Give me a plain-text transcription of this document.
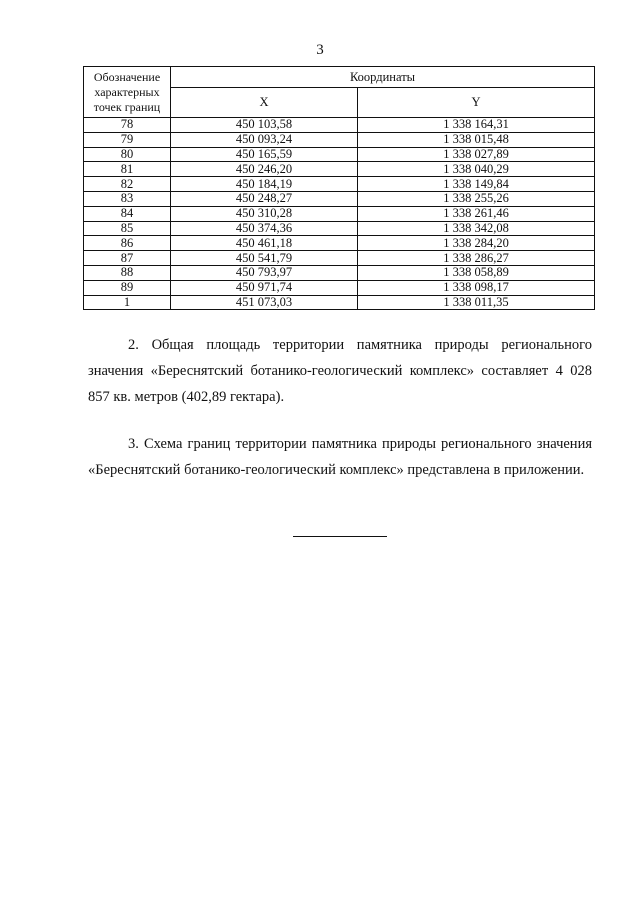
3
Обозначение характерных точек границ	Координаты	
	X	Y
78	450 103,58	1 338 164,31
79	450 093,24	1 338 015,48
80	450 165,59	1 338 027,89
81	450 246,20	1 338 040,29
82	450 184,19	1 338 149,84
83	450 248,27	1 338 255,26
84	450 310,28	1 338 261,46
85	450 374,36	1 338 342,08
86	450 461,18	1 338 284,20
87	450 541,79	1 338 286,27
88	450 793,97	1 338 058,89
89	450 971,74	1 338 098,17
1	451 073,03	1 338 011,35

2. Общая площадь территории памятника природы регионального значения «Береснятский ботанико-геологический комплекс» составляет 4 028 857 кв. метров (402,89 гектара).

3. Схема границ территории памятника природы регионального значения «Береснятский ботанико-геологический комплекс» представлена в приложении.
